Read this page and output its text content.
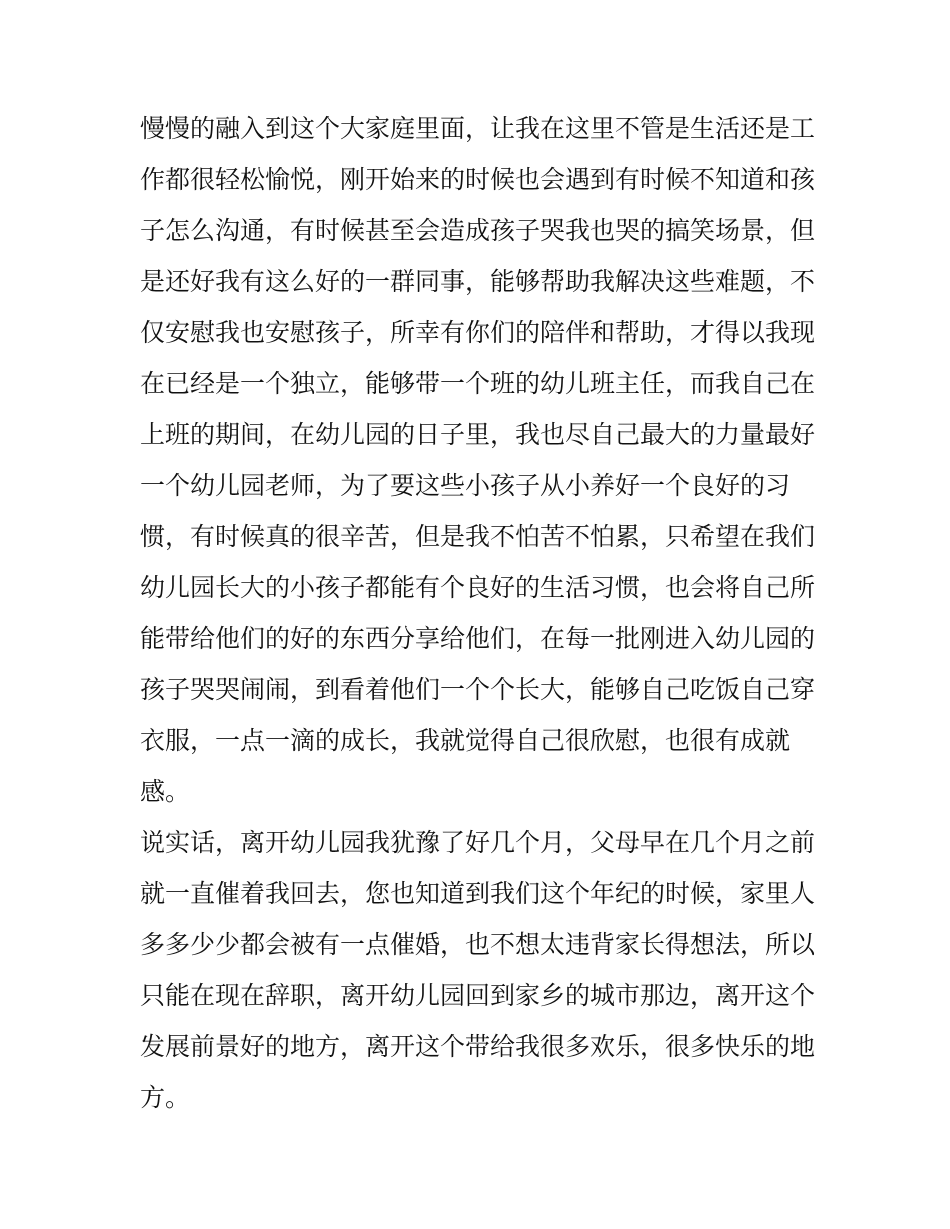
慢慢的融入到这个大家庭里面，让我在这里不管是生活还是工
作都很轻松愉悦，刚开始来的时候也会遇到有时候不知道和孩
子怎么沟通，有时候甚至会造成孩子哭我也哭的搞笑场景，但
是还好我有这么好的一群同事，能够帮助我解决这些难题，不
仅安慰我也安慰孩子，所幸有你们的陪伴和帮助，才得以我现
在已经是一个独立，能够带一个班的幼儿班主任，而我自己在
上班的期间，在幼儿园的日子里，我也尽自己最大的力量最好
一个幼儿园老师，为了要这些小孩子从小养好一个良好的习
惯，有时候真的很辛苦，但是我不怕苦不怕累，只希望在我们
幼儿园长大的小孩子都能有个良好的生活习惯，也会将自己所
能带给他们的好的东西分享给他们，在每一批刚进入幼儿园的
孩子哭哭闹闹，到看着他们一个个长大，能够自己吃饭自己穿
衣服，一点一滴的成长，我就觉得自己很欣慰，也很有成就
感。
说实话，离开幼儿园我犹豫了好几个月，父母早在几个月之前
就一直催着我回去，您也知道到我们这个年纪的时候，家里人
多多少少都会被有一点催婚，也不想太违背家长得想法，所以
只能在现在辞职，离开幼儿园回到家乡的城市那边，离开这个
发展前景好的地方，离开这个带给我很多欢乐，很多快乐的地
方。
